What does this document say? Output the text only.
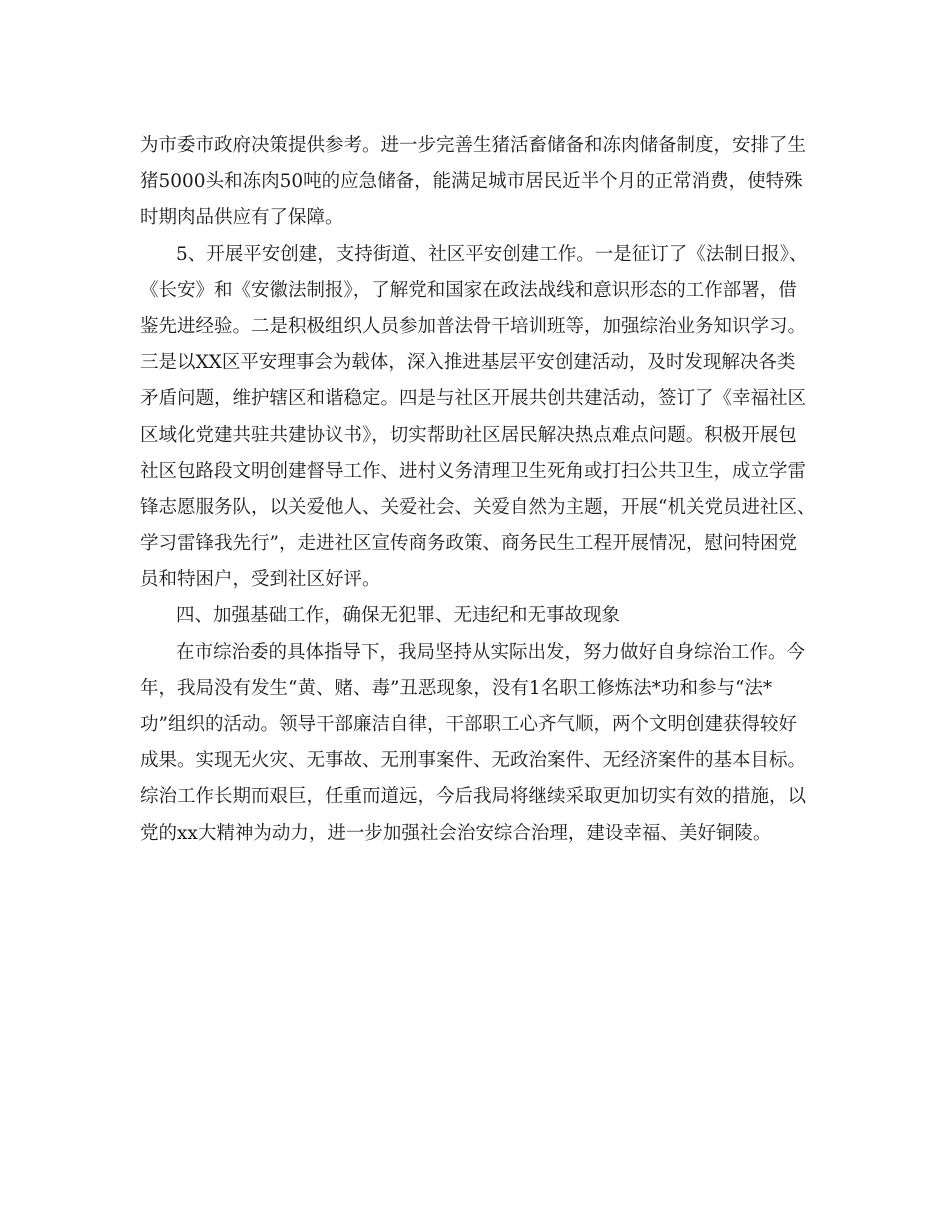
为市委市政府决策提供参考。进一步完善生猪活畜储备和冻肉储备制度，安排了生
猪5000头和冻肉50吨的应急储备，能满足城市居民近半个月的正常消费，使特殊
时期肉品供应有了保障。
5、开展平安创建，支持街道、社区平安创建工作。一是征订了《法制日报》、
《长安》和《安徽法制报》，了解党和国家在政法战线和意识形态的工作部署，借
鉴先进经验。二是积极组织人员参加普法骨干培训班等，加强综治业务知识学习。
三是以XX区平安理事会为载体，深入推进基层平安创建活动，及时发现解决各类
矛盾问题，维护辖区和谐稳定。四是与社区开展共创共建活动，签订了《幸福社区
区域化党建共驻共建协议书》，切实帮助社区居民解决热点难点问题。积极开展包
社区包路段文明创建督导工作、进村义务清理卫生死角或打扫公共卫生，成立学雷
锋志愿服务队，以关爱他人、关爱社会、关爱自然为主题，开展“机关党员进社区、
学习雷锋我先行”，走进社区宣传商务政策、商务民生工程开展情况，慰问特困党
员和特困户，受到社区好评。
四、加强基础工作，确保无犯罪、无违纪和无事故现象
在市综治委的具体指导下，我局坚持从实际出发，努力做好自身综治工作。今
年，我局没有发生“黄、赌、毒”丑恶现象，没有1名职工修炼法*功和参与“法*
功”组织的活动。领导干部廉洁自律，干部职工心齐气顺，两个文明创建获得较好
成果。实现无火灾、无事故、无刑事案件、无政治案件、无经济案件的基本目标。
综治工作长期而艰巨，任重而道远，今后我局将继续采取更加切实有效的措施，以
党的xx大精神为动力，进一步加强社会治安综合治理，建设幸福、美好铜陵。
